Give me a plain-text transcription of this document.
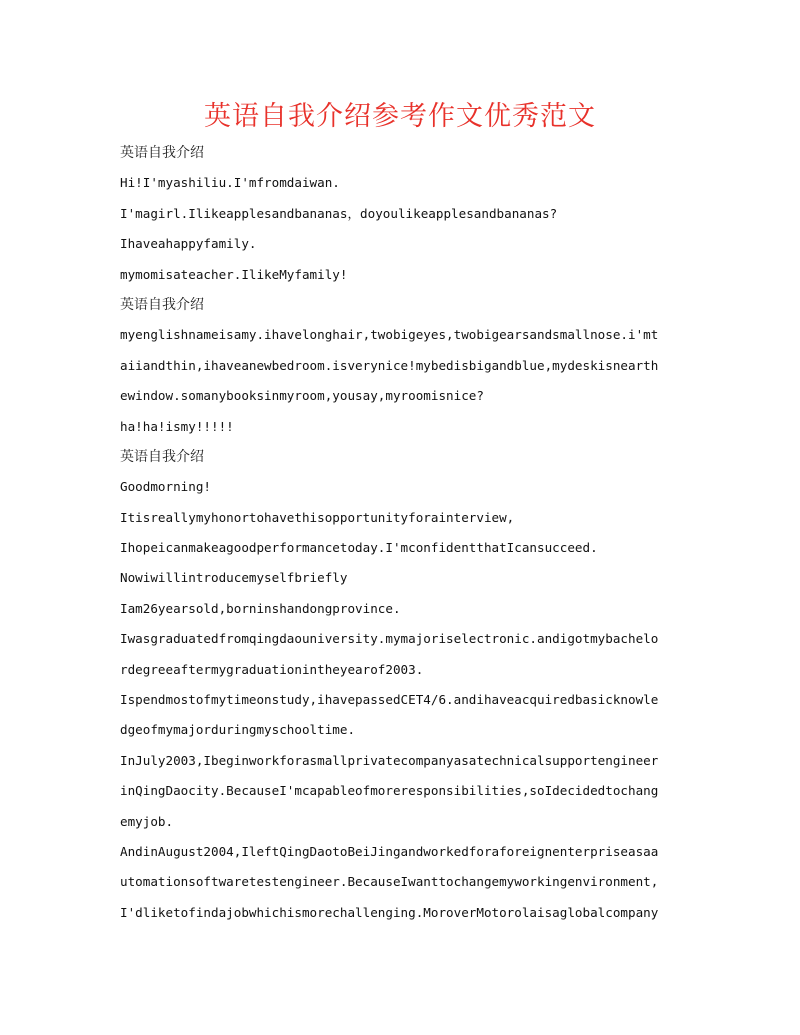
英语自我介绍参考作文优秀范文
英语自我介绍
Hi!I'myashiliu.I'mfromdaiwan.
I'magirl.Ilikeapplesandbananas，doyoulikeapplesandbananas?
Ihaveahappyfamily.
mymomisateacher.IlikeMyfamily!
英语自我介绍
myenglishnameisamy.ihavelonghair,twobigeyes,twobigearsandsmallnose.i'mt
aiiandthin,ihaveanewbedroom.isverynice!mybedisbigandblue,mydeskisnearth
ewindow.somanybooksinmyroom,yousay,myroomisnice?
ha!ha!ismy!!!!!
英语自我介绍
Goodmorning!
Itisreallymyhonortohavethisopportunityforainterview,
Ihopeicanmakeagoodperformancetoday.I'mconfidentthatIcansucceed.
Nowiwillintroducemyselfbriefly
Iam26yearsold,borninshandongprovince.
Iwasgraduatedfromqingdaouniversity.mymajoriselectronic.andigotmybachelo
rdegreeaftermygraduationintheyearof2003.
Ispendmostofmytimeonstudy,ihavepassedCET4/6.andihaveacquiredbasicknowle
dgeofmymajorduringmyschooltime.
InJuly2003,Ibeginworkforasmallprivatecompanyasatechnicalsupportengineer
inQingDaocity.BecauseI'mcapableofmoreresponsibilities,soIdecidedtochang
emyjob.
AndinAugust2004,IleftQingDaotoBeiJingandworkedforaforeignenterpriseasaa
utomationsoftwaretestengineer.BecauseIwanttochangemyworkingenvironment,
I'dliketofindajobwhichismorechallenging.MoroverMotorolaisaglobalcompany
